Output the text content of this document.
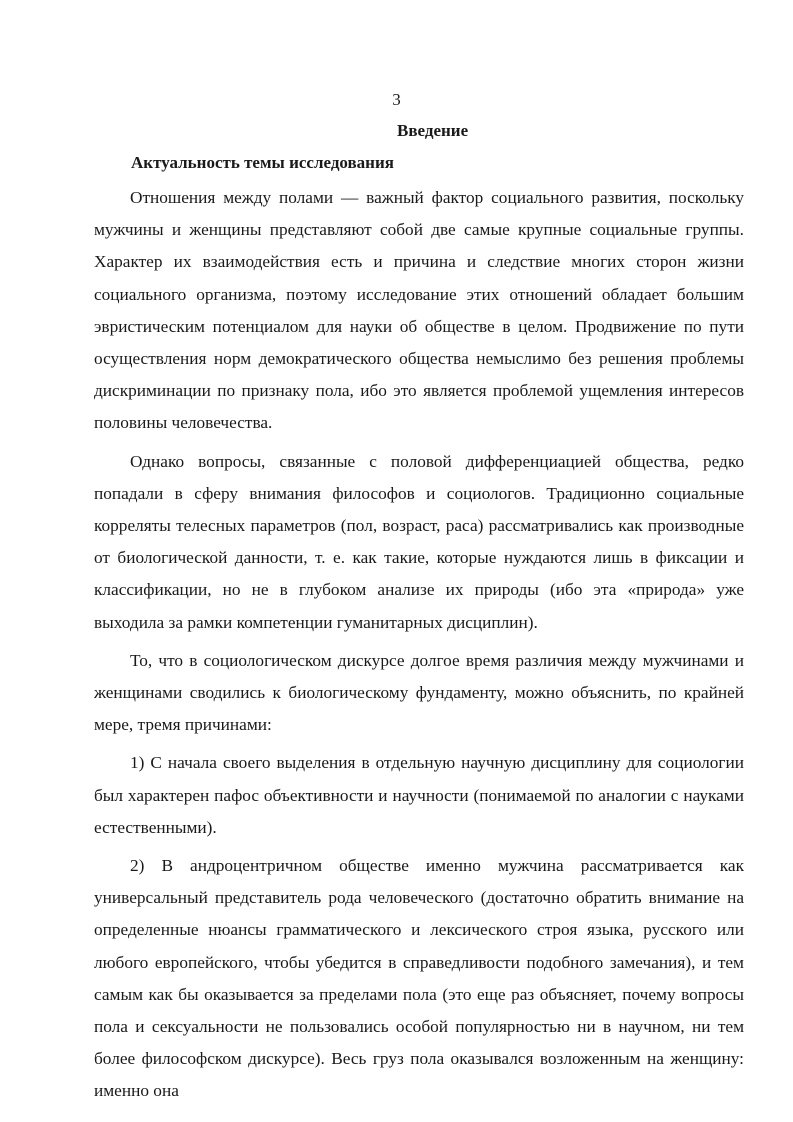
3
Введение
Актуальность темы исследования

Отношения между полами — важный фактор социального развития, поскольку мужчины и женщины представляют собой две самые крупные социальные группы. Характер их взаимодействия есть и причина и следствие многих сторон жизни социального организма, поэтому исследование этих отношений обладает большим эвристическим потенциалом для науки об обществе в целом. Продвижение по пути осуществления норм демократического общества немыслимо без решения проблемы дискриминации по признаку пола, ибо это является проблемой ущемления интересов половины человечества.

Однако вопросы, связанные с половой дифференциацией общества, редко попадали в сферу внимания философов и социологов. Традиционно социальные корреляты телесных параметров (пол, возраст, раса) рассматривались как производные от биологической данности, т. е. как такие, которые нуждаются лишь в фиксации и классификации, но не в глубоком анализе их природы (ибо эта «природа» уже выходила за рамки компетенции гуманитарных дисциплин).

То, что в социологическом дискурсе долгое время различия между мужчинами и женщинами сводились к биологическому фундаменту, можно объяснить, по крайней мере, тремя причинами:

1) С начала своего выделения в отдельную научную дисциплину для социологии был характерен пафос объективности и научности (понимаемой по аналогии с науками естественными).

2) В андроцентричном обществе именно мужчина рассматривается как универсальный представитель рода человеческого (достаточно обратить внимание на определенные нюансы грамматического и лексического строя языка, русского или любого европейского, чтобы убедится в справедливости подобного замечания), и тем самым как бы оказывается за пределами пола (это еще раз объясняет, почему вопросы пола и сексуальности не пользовались особой популярностью ни в научном, ни тем более философском дискурсе). Весь груз пола оказывался возложенным на женщину: именно она
